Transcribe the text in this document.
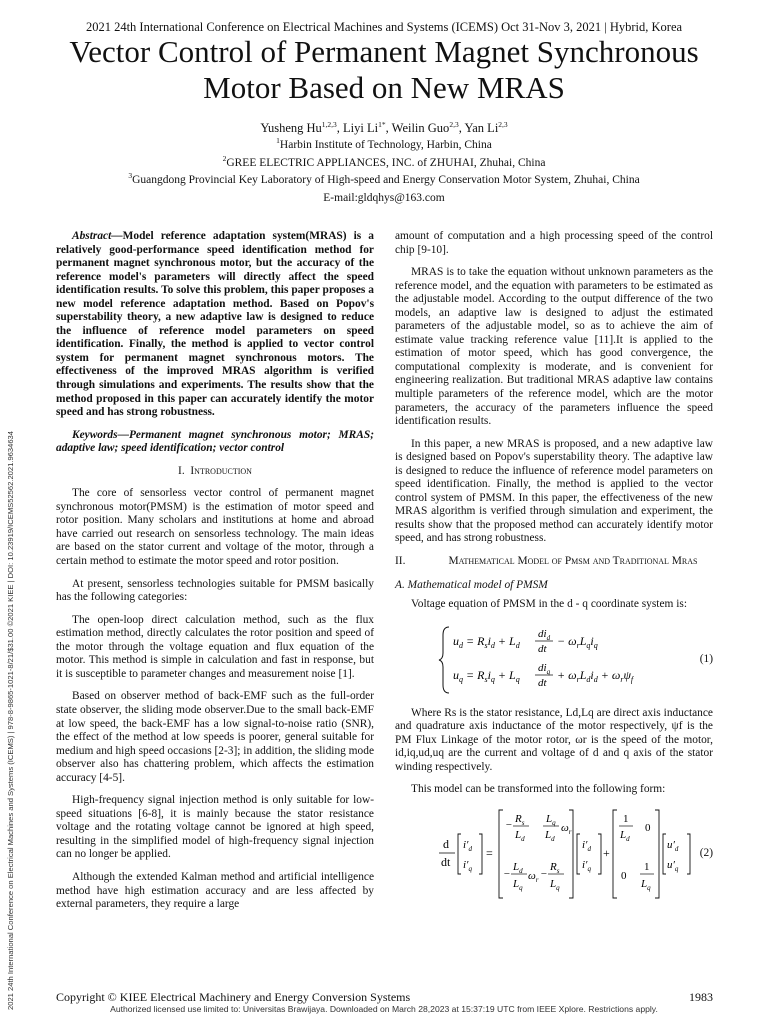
2021 24th International Conference on Electrical Machines and Systems (ICEMS) Oct 31-Nov 3, 2021 | Hybrid, Korea
Vector Control of Permanent Magnet Synchronous
Motor Based on New MRAS
Yusheng Hu$^{1,2,3}$, Liyi $Li^{1*}$, Weilin Guo$^{2,3}$, Yan Li$^{2,3}$
$^1$Harbin Institute of Technology, Harbin, China
$^2$GREE ELECTRIC APPLIANCES, INC. of ZHUHAI, Zhuhai, China
$^3$Guangdong Provincial Key Laboratory of High-speed and Energy Conservation Motor System, Zhuhai, China
E-mail:gldqhys@163.com
2021 24th International Conference on Electrical Machines and Systems (ICEMS) | 978-8-9865-1021-8/21/$31.00 ©2021 KIEE | DOI: 10.23919/ICEMS52562.2021.9634634

Abstract—Model reference adaptation system(MRAS) is a relatively good-performance speed identification method for permanent magnet synchronous motor, but the accuracy of the reference model's parameters will directly affect the speed identification results. To solve this problem, this paper proposes a new model reference adaptation method. Based on Popov's superstability theory, a new adaptive law is designed to reduce the influence of reference model parameters on speed identification. Finally, the method is applied to vector control system for permanent magnet synchronous motors. The effectiveness of the improved MRAS algorithm is verified through simulations and experiments. The results show that the method proposed in this paper can accurately identify the motor speed and has strong robustness.

Keywords—Permanent magnet synchronous motor; MRAS; adaptive law; speed identification; vector control

I. Introduction

The core of sensorless vector control of permanent magnet synchronous motor(PMSM) is the estimation of motor speed and rotor position. Many scholars and institutions at home and abroad have carried out research on sensorless technology. The main ideas are based on the stator current and voltage of the motor, through a certain method to estimate the motor speed and rotor position.

At present, sensorless technologies suitable for PMSM basically has the following categories:

The open-loop direct calculation method, such as the flux estimation method, directly calculates the rotor position and speed of the motor through the voltage equation and flux equation of the motor. This method is simple in calculation and fast in response, but it is susceptible to parameter changes and measurement noise [1].

Based on observer method of back-EMF such as the full-order state observer, the sliding mode observer.Due to the small back-EMF at low speed, the back-EMF has a low signal-to-noise ratio (SNR), the effect of the method at low speeds is poorer, general suitable for medium and high speed occasions [2-3]; in addition, the sliding mode observer also has chattering problem, which affects the estimation accuracy [4-5].

High-frequency signal injection method is only suitable for low-speed situations [6-8], it is mainly because the stator resistance voltage and the rotating voltage cannot be ignored at high speed, resulting in the simplified model of high-frequency signal injection can no longer be applied.

Although the extended Kalman method and artificial intelligence method have high estimation accuracy and are less affected by external parameters, they require a large

amount of computation and a high processing speed of the control chip [9-10].

MRAS is to take the equation without unknown parameters as the reference model, and the equation with parameters to be estimated as the adjustable model. According to the output difference of the two models, an adaptive law is designed to adjust the estimated parameters of the adjustable model, so as to achieve the aim of estimate value tracking reference value [11].It is applied to the estimation of motor speed, which has good convergence, the computational complexity is moderate, and is convenient for engineering realization. But traditional MRAS adaptive law contains multiple parameters of the reference model, which are the motor parameters, the accuracy of the parameters influence the speed identification results.

In this paper, a new MRAS is proposed, and a new adaptive law is designed based on Popov's superstability theory. The adaptive law is designed to reduce the influence of reference model parameters on speed identification. Finally, the method is applied to the vector control system of PMSM. In this paper, the effectiveness of the new MRAS algorithm is verified through simulation and experiment, the results show that the proposed method can accurately identify motor speed, and has strong robustness.

II.	Mathematical Model of Pmsm and Traditional Mras
A. Mathematical model of PMSM

Voltage equation of PMSM in the d - q coordinate system is:

$u_d = R_si_d + L_d$
$di_d$
dt
− $\omega_rL_qi_q$
$u_q = R_si_q + L_q$
$di_q$
dt
+ $\omega_rL_di_d + \omega_r\psi_f$
(1)

Where Rs is the stator resistance, Ld,Lq are direct axis inductance and quadrature axis inductance of the motor respectively, ψf is the PM Flux Linkage of the motor rotor, ωr is the speed of the motor, id,iq,ud,uq are the current and voltage of d and q axis of the stator winding respectively.

This model can be transformed into the following form:

d
dt
$i'_d$
$i'_q$
=
− $R_s$
$L_d$
$L_q$
$L_d$
$\omega_r$
−
$L_d$
$L_q$
$\omega_r$ −
$R_s$
$L_q$
$i'_d$
$i'_q$
+
1
$L_d$
0
0
1
$L_q$
$u'_d$
$u'_q$
(2)
Copyright © KIEE Electrical Machinery and Energy Conversion Systems	1983
Authorized licensed use limited to: Universitas Brawijaya. Downloaded on March 28,2023 at 15:37:19 UTC from IEEE Xplore. Restrictions apply.
